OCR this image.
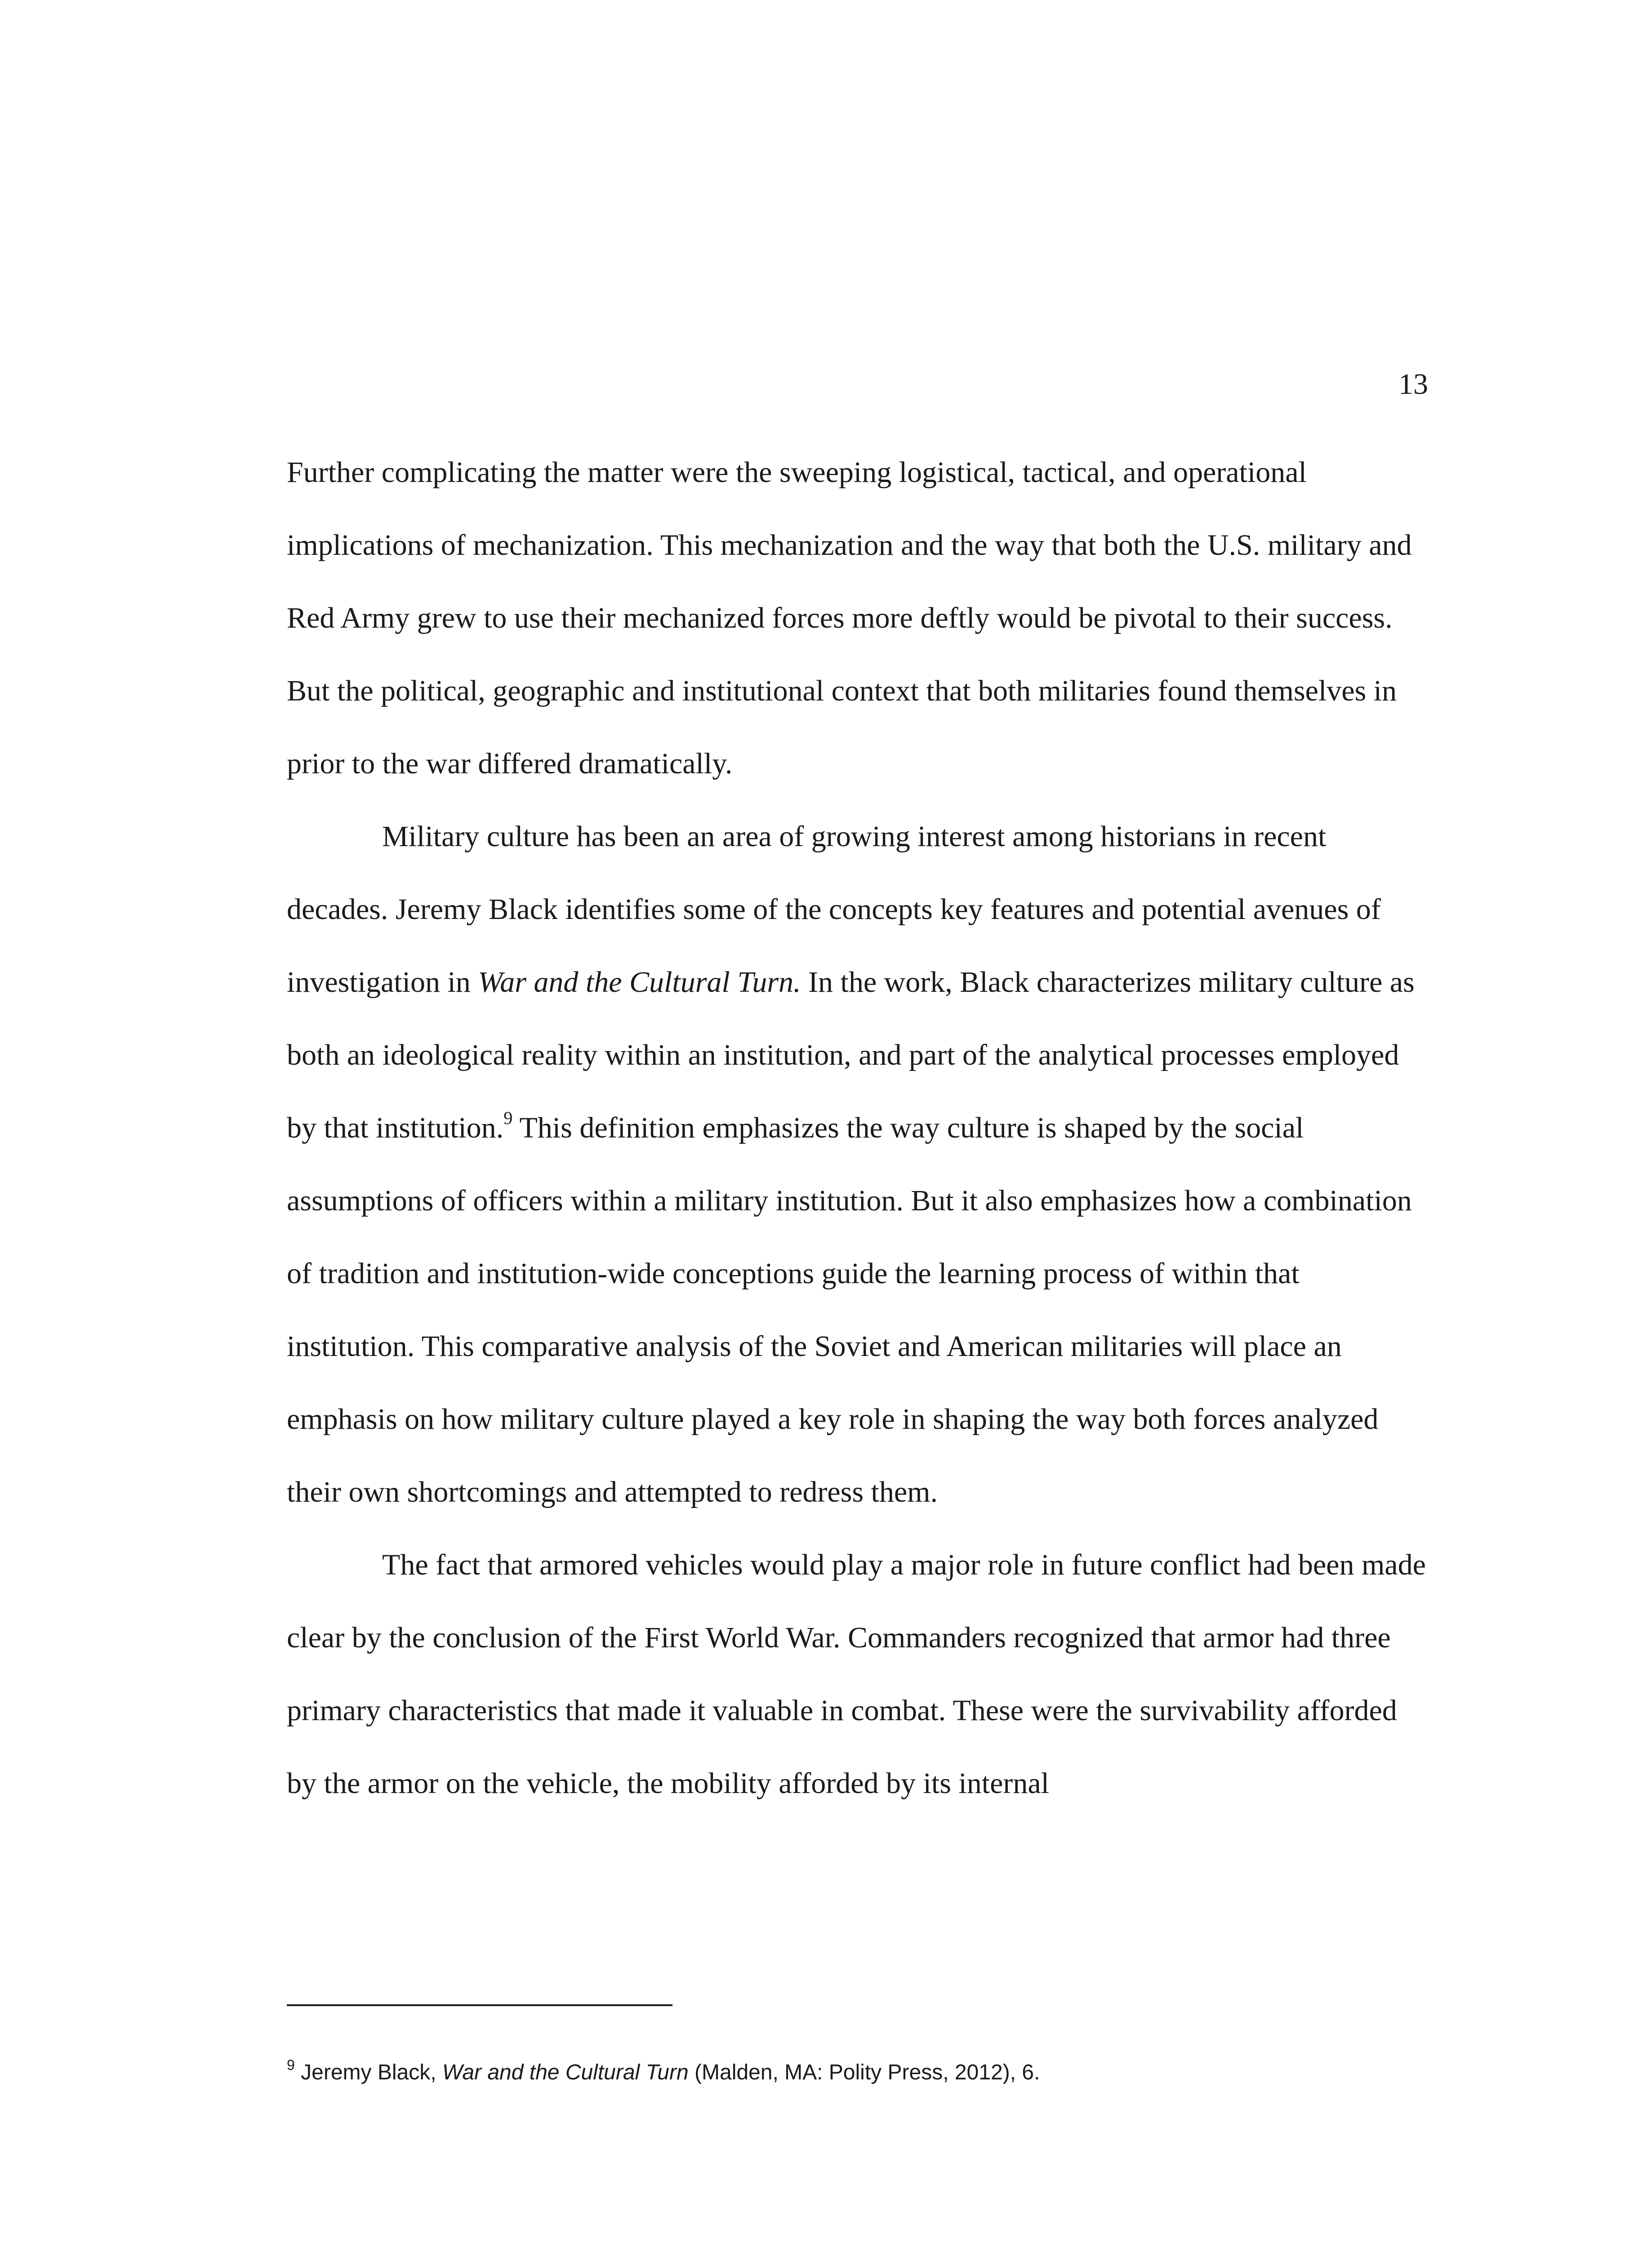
13

Further complicating the matter were the sweeping logistical, tactical, and operational implications of mechanization. This mechanization and the way that both the U.S. military and Red Army grew to use their mechanized forces more deftly would be pivotal to their success. But the political, geographic and institutional context that both militaries found themselves in prior to the war differed dramatically.

Military culture has been an area of growing interest among historians in recent decades. Jeremy Black identifies some of the concepts key features and potential avenues of investigation in War and the Cultural Turn. In the work, Black characterizes military culture as both an ideological reality within an institution, and part of the analytical processes employed by that institution.$^9$ This definition emphasizes the way culture is shaped by the social assumptions of officers within a military institution. But it also emphasizes how a combination of tradition and institution-wide conceptions guide the learning process of within that institution. This comparative analysis of the Soviet and American militaries will place an emphasis on how military culture played a key role in shaping the way both forces analyzed their own shortcomings and attempted to redress them.

The fact that armored vehicles would play a major role in future conflict had been made clear by the conclusion of the First World War. Commanders recognized that armor had three primary characteristics that made it valuable in combat. These were the survivability afforded by the armor on the vehicle, the mobility afforded by its internal

$^9$ Jeremy Black, War and the Cultural Turn (Malden, MA: Polity Press, 2012), 6.
